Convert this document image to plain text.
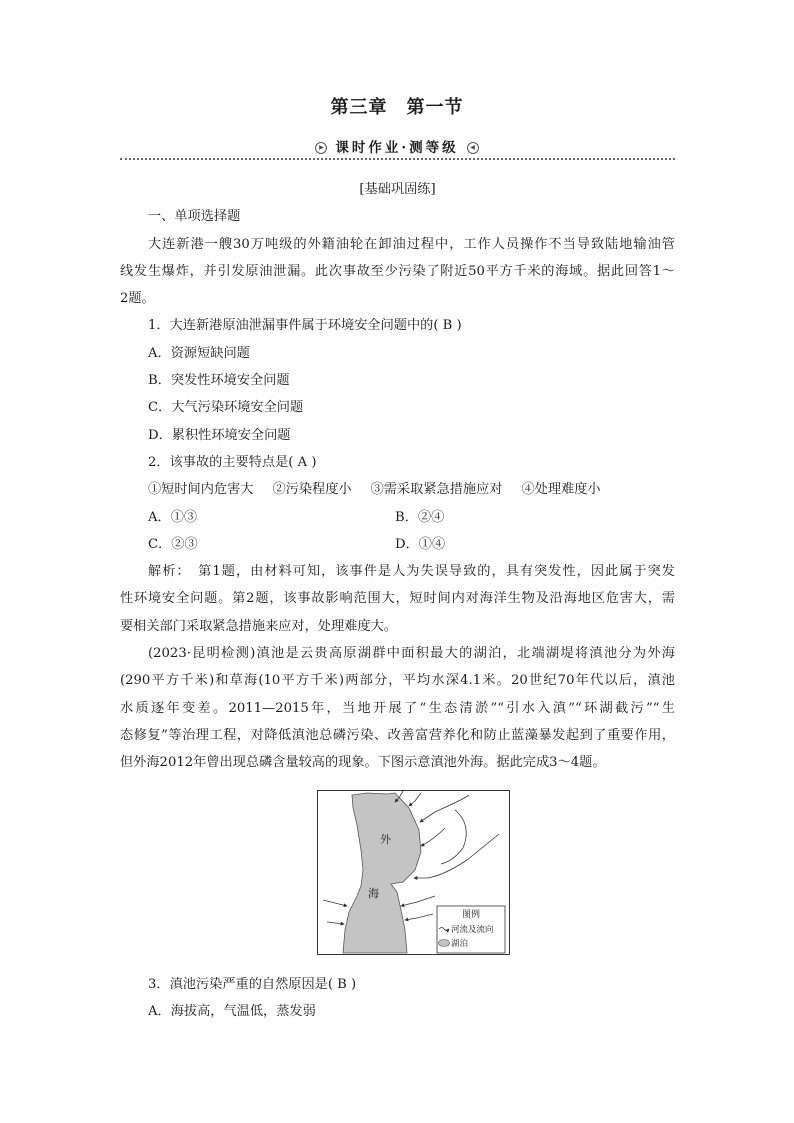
第三章　第一节
▶ 课时作业·测等级	◀
[基础巩固练]
一、单项选择题
大连新港一艘30万吨级的外籍油轮在卸油过程中，工作人员操作不当导致陆地输油管
线发生爆炸，并引发原油泄漏。此次事故至少污染了附近50平方千米的海域。据此回答1～
2题。
1．大连新港原油泄漏事件属于环境安全问题中的( B )
A．资源短缺问题
B．突发性环境安全问题
C．大气污染环境安全问题
D．累积性环境安全问题
2．该事故的主要特点是( A )
①短时间内危害大 ②污染程度小 ③需采取紧急措施应对 ④处理难度小
A．①③	B．②④
C．②③	D．①④
解析：　第1题，由材料可知，该事件是人为失误导致的，具有突发性，因此属于突发
性环境安全问题。第2题，该事故影响范围大，短时间内对海洋生物及沿海地区危害大，需
要相关部门采取紧急措施来应对，处理难度大。
(2023·昆明检测)滇池是云贵高原湖群中面积最大的湖泊，北端湖堤将滇池分为外海
(290平方千米)和草海(10平方千米)两部分，平均水深4.1米。20世纪70年代以后，滇池
水质逐年变差。2011—2015年，当地开展了“生态清淤”“引水入滇”“环湖截污”“生
态修复”等治理工程，对降低滇池总磷污染、改善富营养化和防止蓝藻暴发起到了重要作用，
但外海2012年曾出现总磷含量较高的现象。下图示意滇池外海。据此完成3～4题。
外
海
图例
河流及流向
湖泊
3．滇池污染严重的自然原因是( B )
A．海拔高，气温低，蒸发弱
